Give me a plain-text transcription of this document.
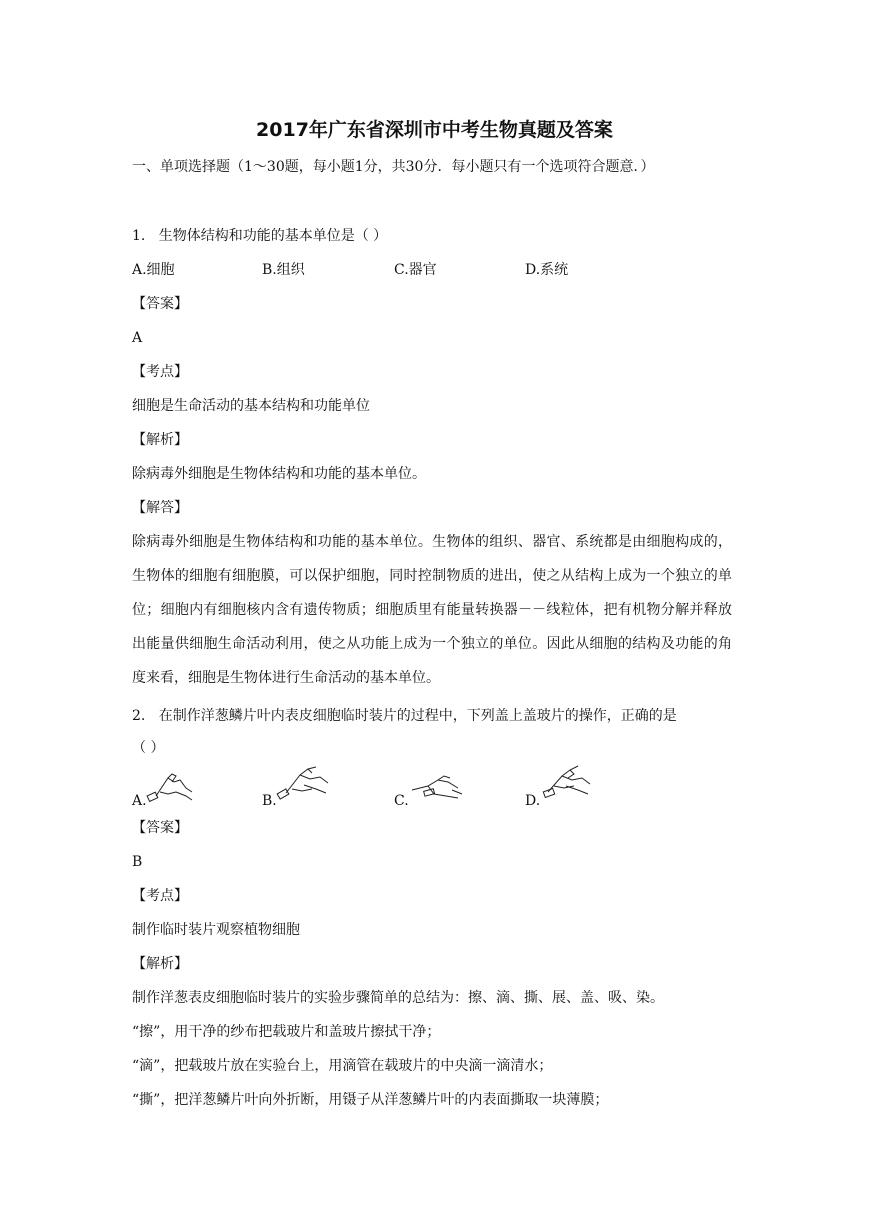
2017年广东省深圳市中考生物真题及答案
一、单项选择题（1～30题，每小题1分，共30分．每小题只有一个选项符合题意．）
1.   生物体结构和功能的基本单位是（ ）
A.细胞	B.组织	C.器官	D.系统
【答案】
A
【考点】
细胞是生命活动的基本结构和功能单位
【解析】
除病毒外细胞是生物体结构和功能的基本单位。
【解答】
除病毒外细胞是生物体结构和功能的基本单位。生物体的组织、器官、系统都是由细胞构成的，生物体的细胞有细胞膜，可以保护细胞，同时控制物质的进出，使之从结构上成为一个独立的单位；细胞内有细胞核内含有遗传物质；细胞质里有能量转换器－－线粒体，把有机物分解并释放出能量供细胞生命活动利用，使之从功能上成为一个独立的单位。因此从细胞的结构及功能的角度来看，细胞是生物体进行生命活动的基本单位。
2.   在制作洋葱鳞片叶内表皮细胞临时装片的过程中，下列盖上盖玻片的操作，正确的是
（ ）
A.	B.	C.	D.
【答案】
B
【考点】
制作临时装片观察植物细胞
【解析】
制作洋葱表皮细胞临时装片的实验步骤简单的总结为：擦、滴、撕、展、盖、吸、染。
“擦”，用干净的纱布把载玻片和盖玻片擦拭干净；
“滴”，把载玻片放在实验台上，用滴管在载玻片的中央滴一滴清水；
“撕”，把洋葱鳞片叶向外折断，用镊子从洋葱鳞片叶的内表面撕取一块薄膜；
